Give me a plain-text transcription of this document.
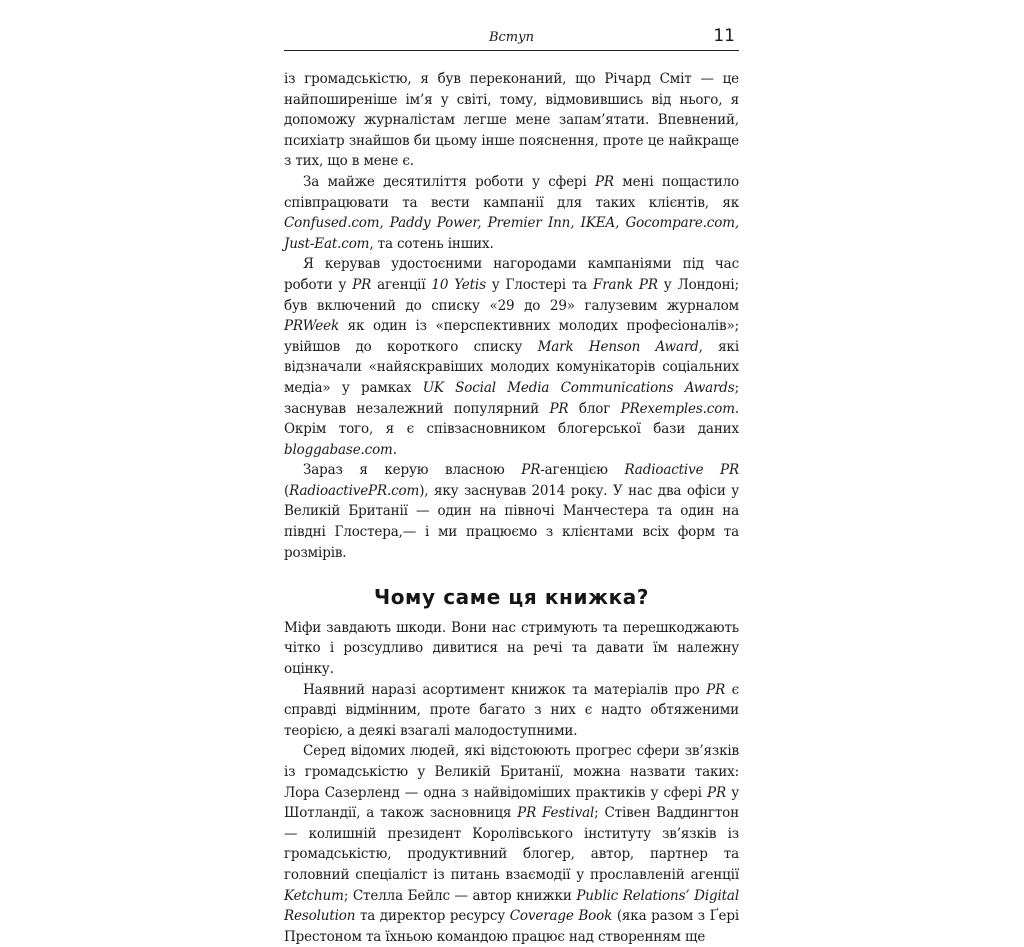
Вступ	11

із громадськістю, я був переконаний, що Річард Сміт — це найпоширеніше ім’я у світі, тому, відмовившись від нього, я допоможу журналістам легше мене запам’ятати. Впевнений, психіатр знайшов би цьому інше пояснення, проте це найкраще з тих, що в мене є.

За майже десятиліття роботи у сфері PR мені пощастило співпрацювати та вести кампанії для таких клієнтів, як Confused.com, Paddy Power, Premier Inn, IKEA, Gocompare.com, Just-Eat.com, та сотень інших.

Я керував удостоєними нагородами кампаніями під час роботи у PR агенції 10 Yetis у Глостері та Frank PR у Лондоні; був включений до списку «29 до 29» галузевим журналом PRWeek як один із «перспективних молодих професіоналів»; увійшов до короткого списку Mark Henson Award, які відзначали «найяскравіших молодих комунікаторів соціальних медіа» у рамках UK Social Media Communications Awards; заснував незалежний популярний PR блог PRexemples.com. Окрім того, я є співзасновником блогерської бази даних bloggabase.com.

Зараз я керую власною PR-агенцією Radioactive PR (RadioactivePR.com), яку заснував 2014 року. У нас два офіси у Великій Британії — один на півночі Манчестера та один на півдні Глостера,— і ми працюємо з клієнтами всіх форм та розмірів.

Чому саме ця книжка?

Міфи завдають шкоди. Вони нас стримують та перешкоджають чітко і розсудливо дивитися на речі та давати їм належну оцінку.

Наявний наразі асортимент книжок та матеріалів про PR є справді відмінним, проте багато з них є надто обтяженими теорією, а деякі взагалі малодоступними.

Серед відомих людей, які відстоюють прогрес сфери зв’язків із громадськістю у Великій Британії, можна назвати таких: Лора Сазерленд — одна з найвідоміших практиків у сфері PR у Шотландії, а також засновниця PR Festival; Стівен Ваддингтон — колишній президент Королівського інституту зв’язків із громадськістю, продуктивний блогер, автор, партнер та головний спеціаліст із питань взаємодії у прославленій агенції Ketchum; Стелла Бейлс — автор книжки Public Relations’ Digital Resolution та директор ресурсу Coverage Book (яка разом з Ґері Престоном та їхньою командою працює над створенням ще
